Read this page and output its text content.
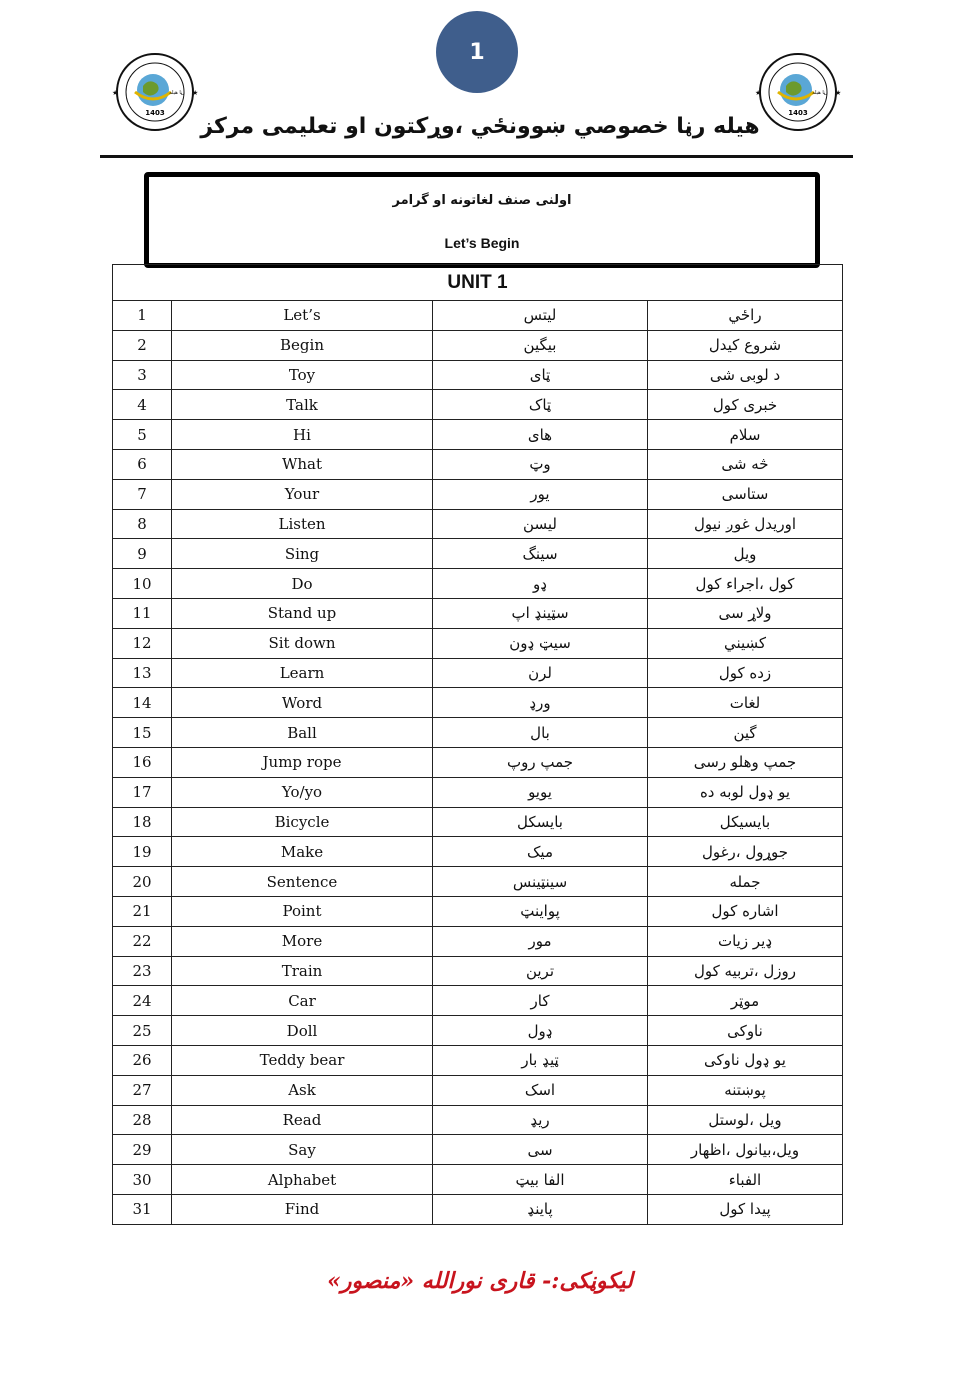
1
★	★
1403
رڼا هیله	★	★
1403
رڼا هیله
هیله رڼا خصوصي ښوونځي ،وړکتون او تعلیمی مرکز
اولنی صنف لغاتونه او گرامر
Let’s Begin
UNIT 1			
1	Let’s	لیتس	راځي
2	Begin	بیگین	شروع کیدل
3	Toy	ټای	د لوبی شی
4	Talk	ټاک	خبری کول
5	Hi	های	سلام
6	What	وټ	څه شی
7	Your	یور	ستاسی
8	Listen	لیسن	اوریدل غوږ نیول
9	Sing	سینگ	ویل
10	Do	ډو	کول ،اجراء کول
11	Stand up	سټینډ اپ	ولاړ سی
12	Sit down	سیټ ډون	کښیني
13	Learn	لرن	زده کول
14	Word	ورډ	لغات
15	Ball	بال	گین
16	Jump rope	جمپ روپ	جمپ وهلو رسی
17	Yo/yo	یویو	یو ډول لوبه ده
18	Bicycle	بایسکل	بایسیکل
19	Make	میک	جوړول ،رغول
20	Sentence	سینټینس	جمله
21	Point	پواینټ	اشاره کول
22	More	مور	ډیر زیات
23	Train	ترین	روزل ،تربیه کول
24	Car	کار	موټر
25	Doll	ډول	ناوکی
26	Teddy bear	ټیډ بار	یو ډول ناوکی
27	Ask	اسک	پوښتنه
28	Read	ریډ	ویل ،لوستل
29	Say	سی	ویل،بیانول ،اظهار
30	Alphabet	الفا بیټ	الفباء
31	Find	پاینډ	پیدا کول
لیکوڼکی:- قاری نورالله «منصور»
